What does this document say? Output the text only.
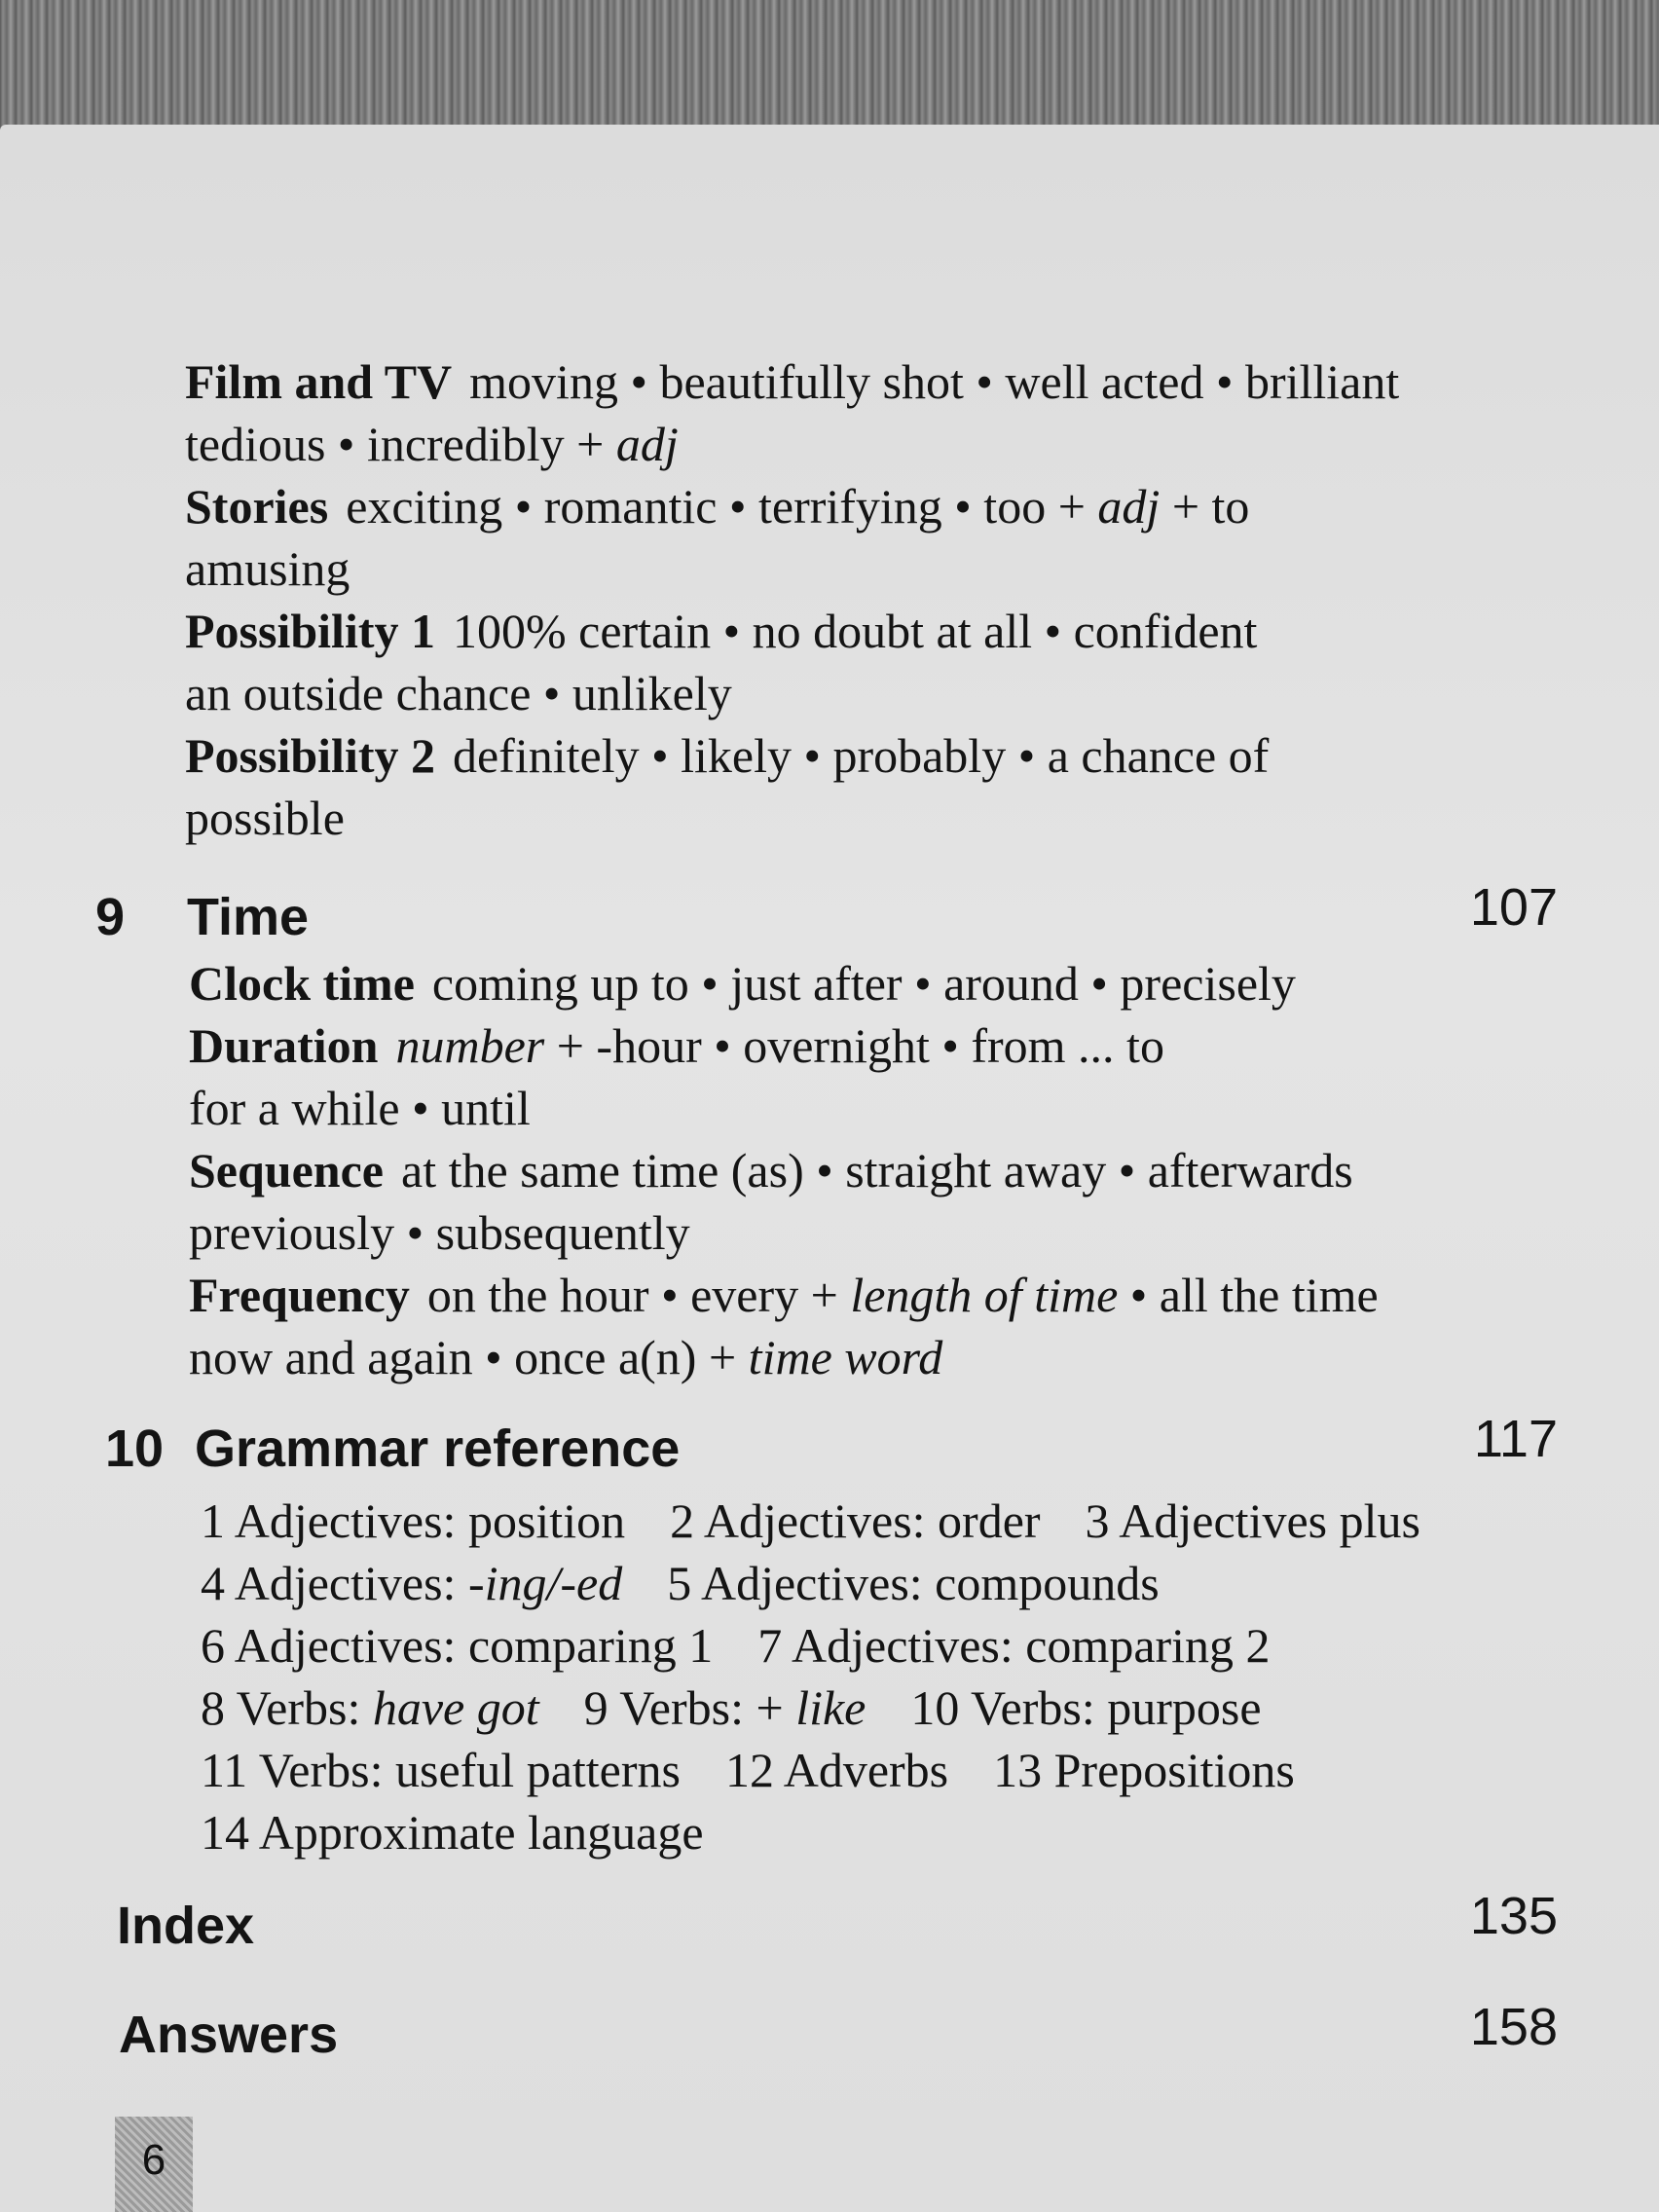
Film and TV moving • beautifully shot • well acted • brilliant
tedious • incredibly + adj
Stories exciting • romantic • terrifying • too + adj + to
amusing
Possibility 1 100% certain • no doubt at all • confident
an outside chance • unlikely
Possibility 2 definitely • likely • probably • a chance of
possible
9 Time	107
Clock time coming up to • just after • around • precisely
Duration number + -hour • overnight • from ... to
for a while • until
Sequence at the same time (as) • straight away • afterwards
previously • subsequently
Frequency on the hour • every + length of time • all the time
now and again • once a(n) + time word
10 Grammar reference	117
1 Adjectives: position 2 Adjectives: order 3 Adjectives plus
4 Adjectives: -ing/-ed 5 Adjectives: compounds
6 Adjectives: comparing 1 7 Adjectives: comparing 2
8 Verbs: have got 9 Verbs: + like 10 Verbs: purpose
11 Verbs: useful patterns 12 Adverbs 13 Prepositions
14 Approximate language
Index	135
Answers	158
6
